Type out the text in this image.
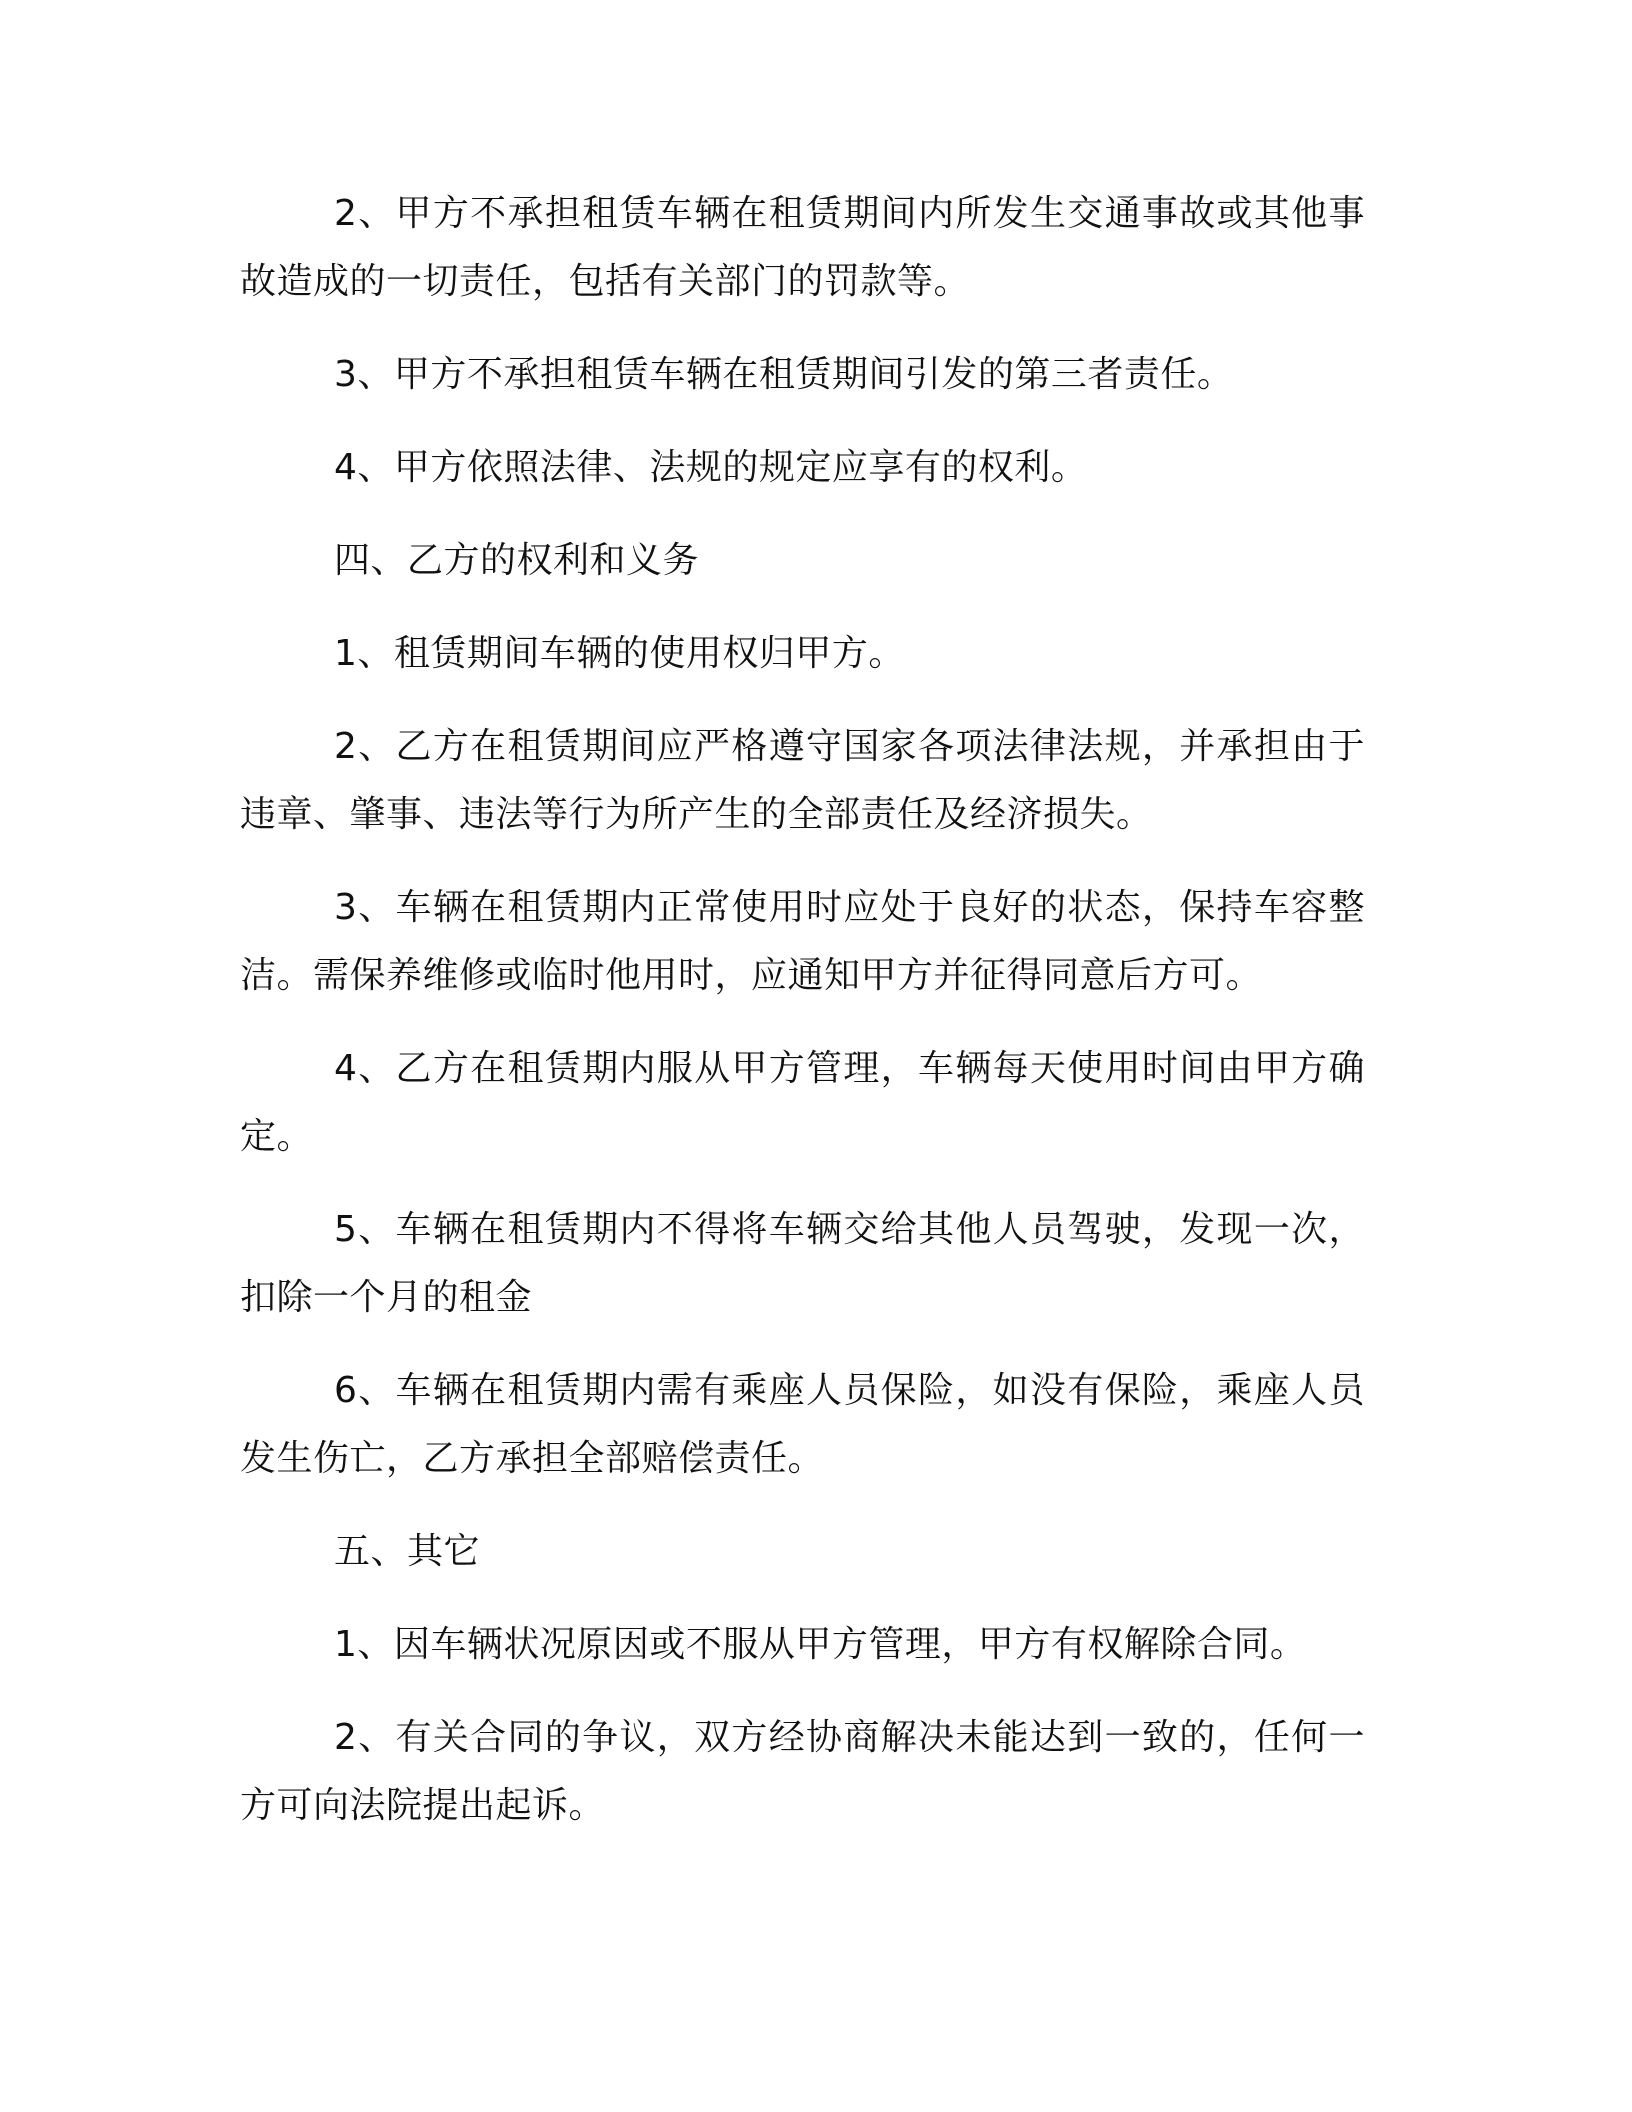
2、甲方不承担租赁车辆在租赁期间内所发生交通事故或其他事故造成的一切责任，包括有关部门的罚款等。

3、甲方不承担租赁车辆在租赁期间引发的第三者责任。

4、甲方依照法律、法规的规定应享有的权利。

四、乙方的权利和义务

1、租赁期间车辆的使用权归甲方。

2、乙方在租赁期间应严格遵守国家各项法律法规，并承担由于违章、肇事、违法等行为所产生的全部责任及经济损失。

3、车辆在租赁期内正常使用时应处于良好的状态，保持车容整洁。需保养维修或临时他用时，应通知甲方并征得同意后方可。

4、乙方在租赁期内服从甲方管理，车辆每天使用时间由甲方确定。

5、车辆在租赁期内不得将车辆交给其他人员驾驶，发现一次，扣除一个月的租金

6、车辆在租赁期内需有乘座人员保险，如没有保险，乘座人员发生伤亡，乙方承担全部赔偿责任。

五、其它

1、因车辆状况原因或不服从甲方管理，甲方有权解除合同。

2、有关合同的争议，双方经协商解决未能达到一致的，任何一方可向法院提出起诉。
